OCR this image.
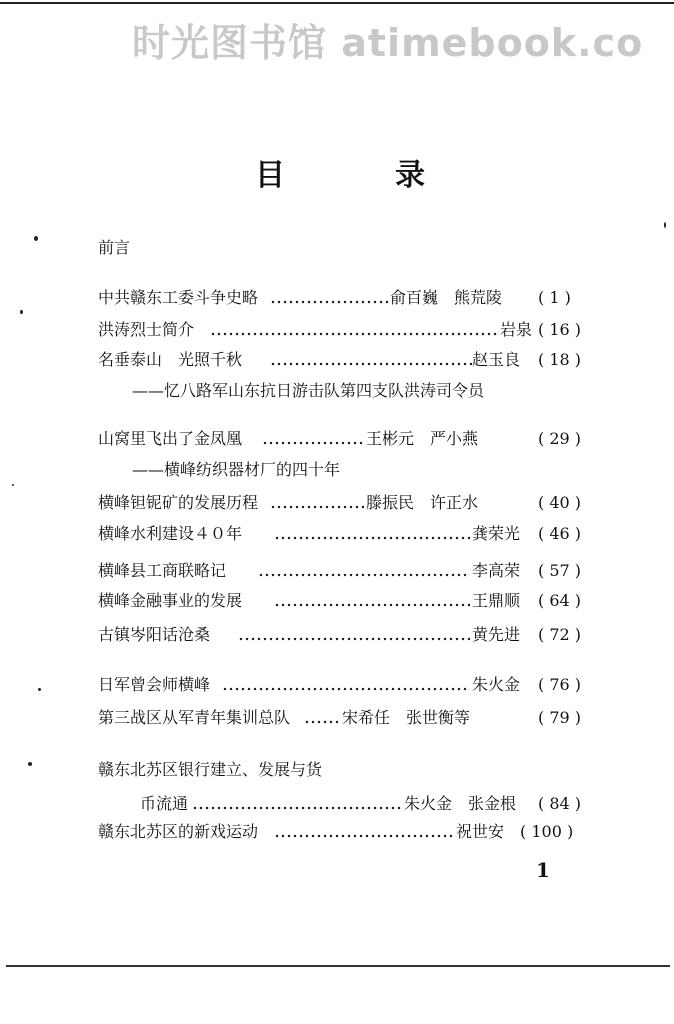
时光图书馆 atimebook.co
目	录
前言
中共赣东工委斗争史略	俞百巍　熊荒陵 ( 1 )
洪涛烈士简介	岩泉 ( 16 )
名垂泰山　光照千秋	赵玉良 ( 18 )
——忆八路军山东抗日游击队第四支队洪涛司令员
山窝里飞出了金凤凰	王彬元　严小燕	( 29 )
——横峰纺织器材厂的四十年
横峰钽铌矿的发展历程	滕振民　许正水	( 40 )
横峰水利建设４０年	龚荣光 ( 46 )
横峰县工商联略记	李高荣 ( 57 )
横峰金融事业的发展	王鼎顺 ( 64 )
古镇岑阳话沧桑	黄先进 ( 72 )
日军曾会师横峰	朱火金 ( 76 )
第三战区从军青年集训总队	宋希任　张世衡等	( 79 )
赣东北苏区银行建立、发展与货
币流通	朱火金　张金根 ( 84 )
赣东北苏区的新戏运动	祝世安 ( 100 )
1
